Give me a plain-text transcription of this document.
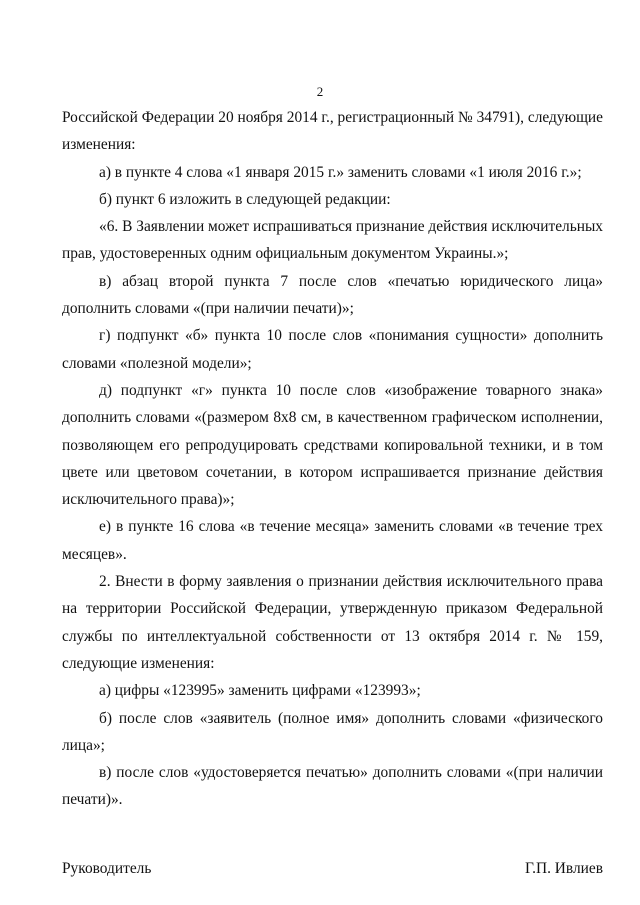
2

Российской Федерации 20 ноября 2014 г., регистрационный № 34791), следующие изменения:

а) в пункте 4 слова «1 января 2015 г.» заменить словами «1 июля 2016 г.»;

б) пункт 6 изложить в следующей редакции:

«6. В Заявлении может испрашиваться признание действия исключительных прав, удостоверенных одним официальным документом Украины.»;

в) абзац второй пункта 7 после слов «печатью юридического лица» дополнить словами «(при наличии печати)»;

г) подпункт «б» пункта 10 после слов «понимания сущности» дополнить словами «полезной модели»;

д) подпункт «г» пункта 10 после слов «изображение товарного знака» дополнить словами «(размером 8х8 см, в качественном графическом исполнении, позволяющем его репродуцировать средствами копировальной техники, и в том цвете или цветовом сочетании, в котором испрашивается признание действия исключительного права)»;

е) в пункте 16 слова «в течение месяца» заменить словами «в течение трех месяцев».

2. Внести в форму заявления о признании действия исключительного права на территории Российской Федерации, утвержденную приказом Федеральной службы по интеллектуальной собственности от 13 октября 2014 г. № 159, следующие изменения:

а) цифры «123995» заменить цифрами «123993»;

б) после слов «заявитель (полное имя» дополнить словами «физического лица»;

в) после слов «удостоверяется печатью» дополнить словами «(при наличии печати)».

Руководитель	Г.П. Ивлиев
